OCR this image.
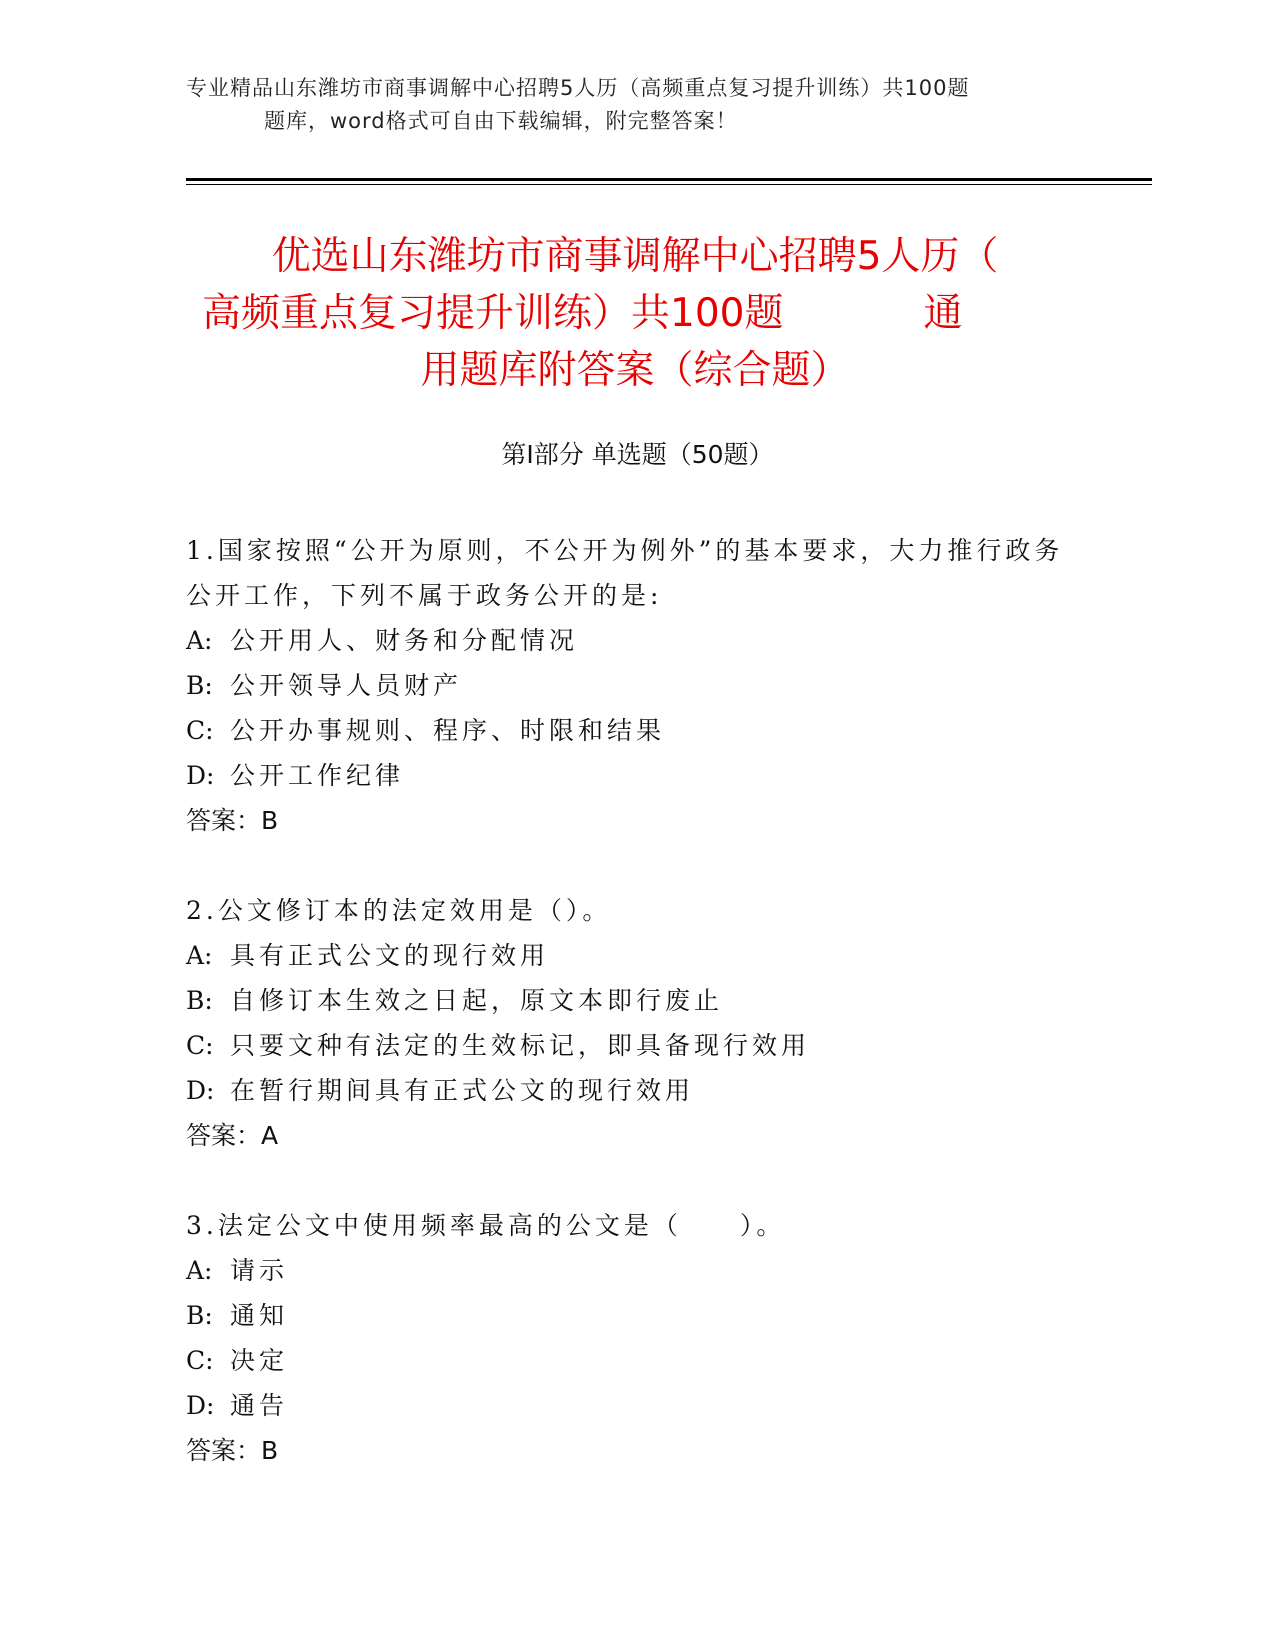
专业精品山东潍坊市商事调解中心招聘5人历（高频重点复习提升训练）共100题
题库，word格式可自由下载编辑，附完整答案！
优选山东潍坊市商事调解中心招聘5人历（
高频重点复习提升训练）共100题	通
用题库附答案（综合题）
第Ⅰ部分 单选题（50题）
1.国家按照“公开为原则，不公开为例外”的基本要求，大力推行政务公开工作，下列不属于政务公开的是:
A: 公开用人、财务和分配情况
B: 公开领导人员财产
C: 公开办事规则、程序、时限和结果
D: 公开工作纪律
答案：B
2.公文修订本的法定效用是（）。
A: 具有正式公文的现行效用
B: 自修订本生效之日起，原文本即行废止
C: 只要文种有法定的生效标记，即具备现行效用
D: 在暂行期间具有正式公文的现行效用
答案：A
3.法定公文中使用频率最高的公文是（　　）。
A: 请示
B: 通知
C: 决定
D: 通告
答案：B
